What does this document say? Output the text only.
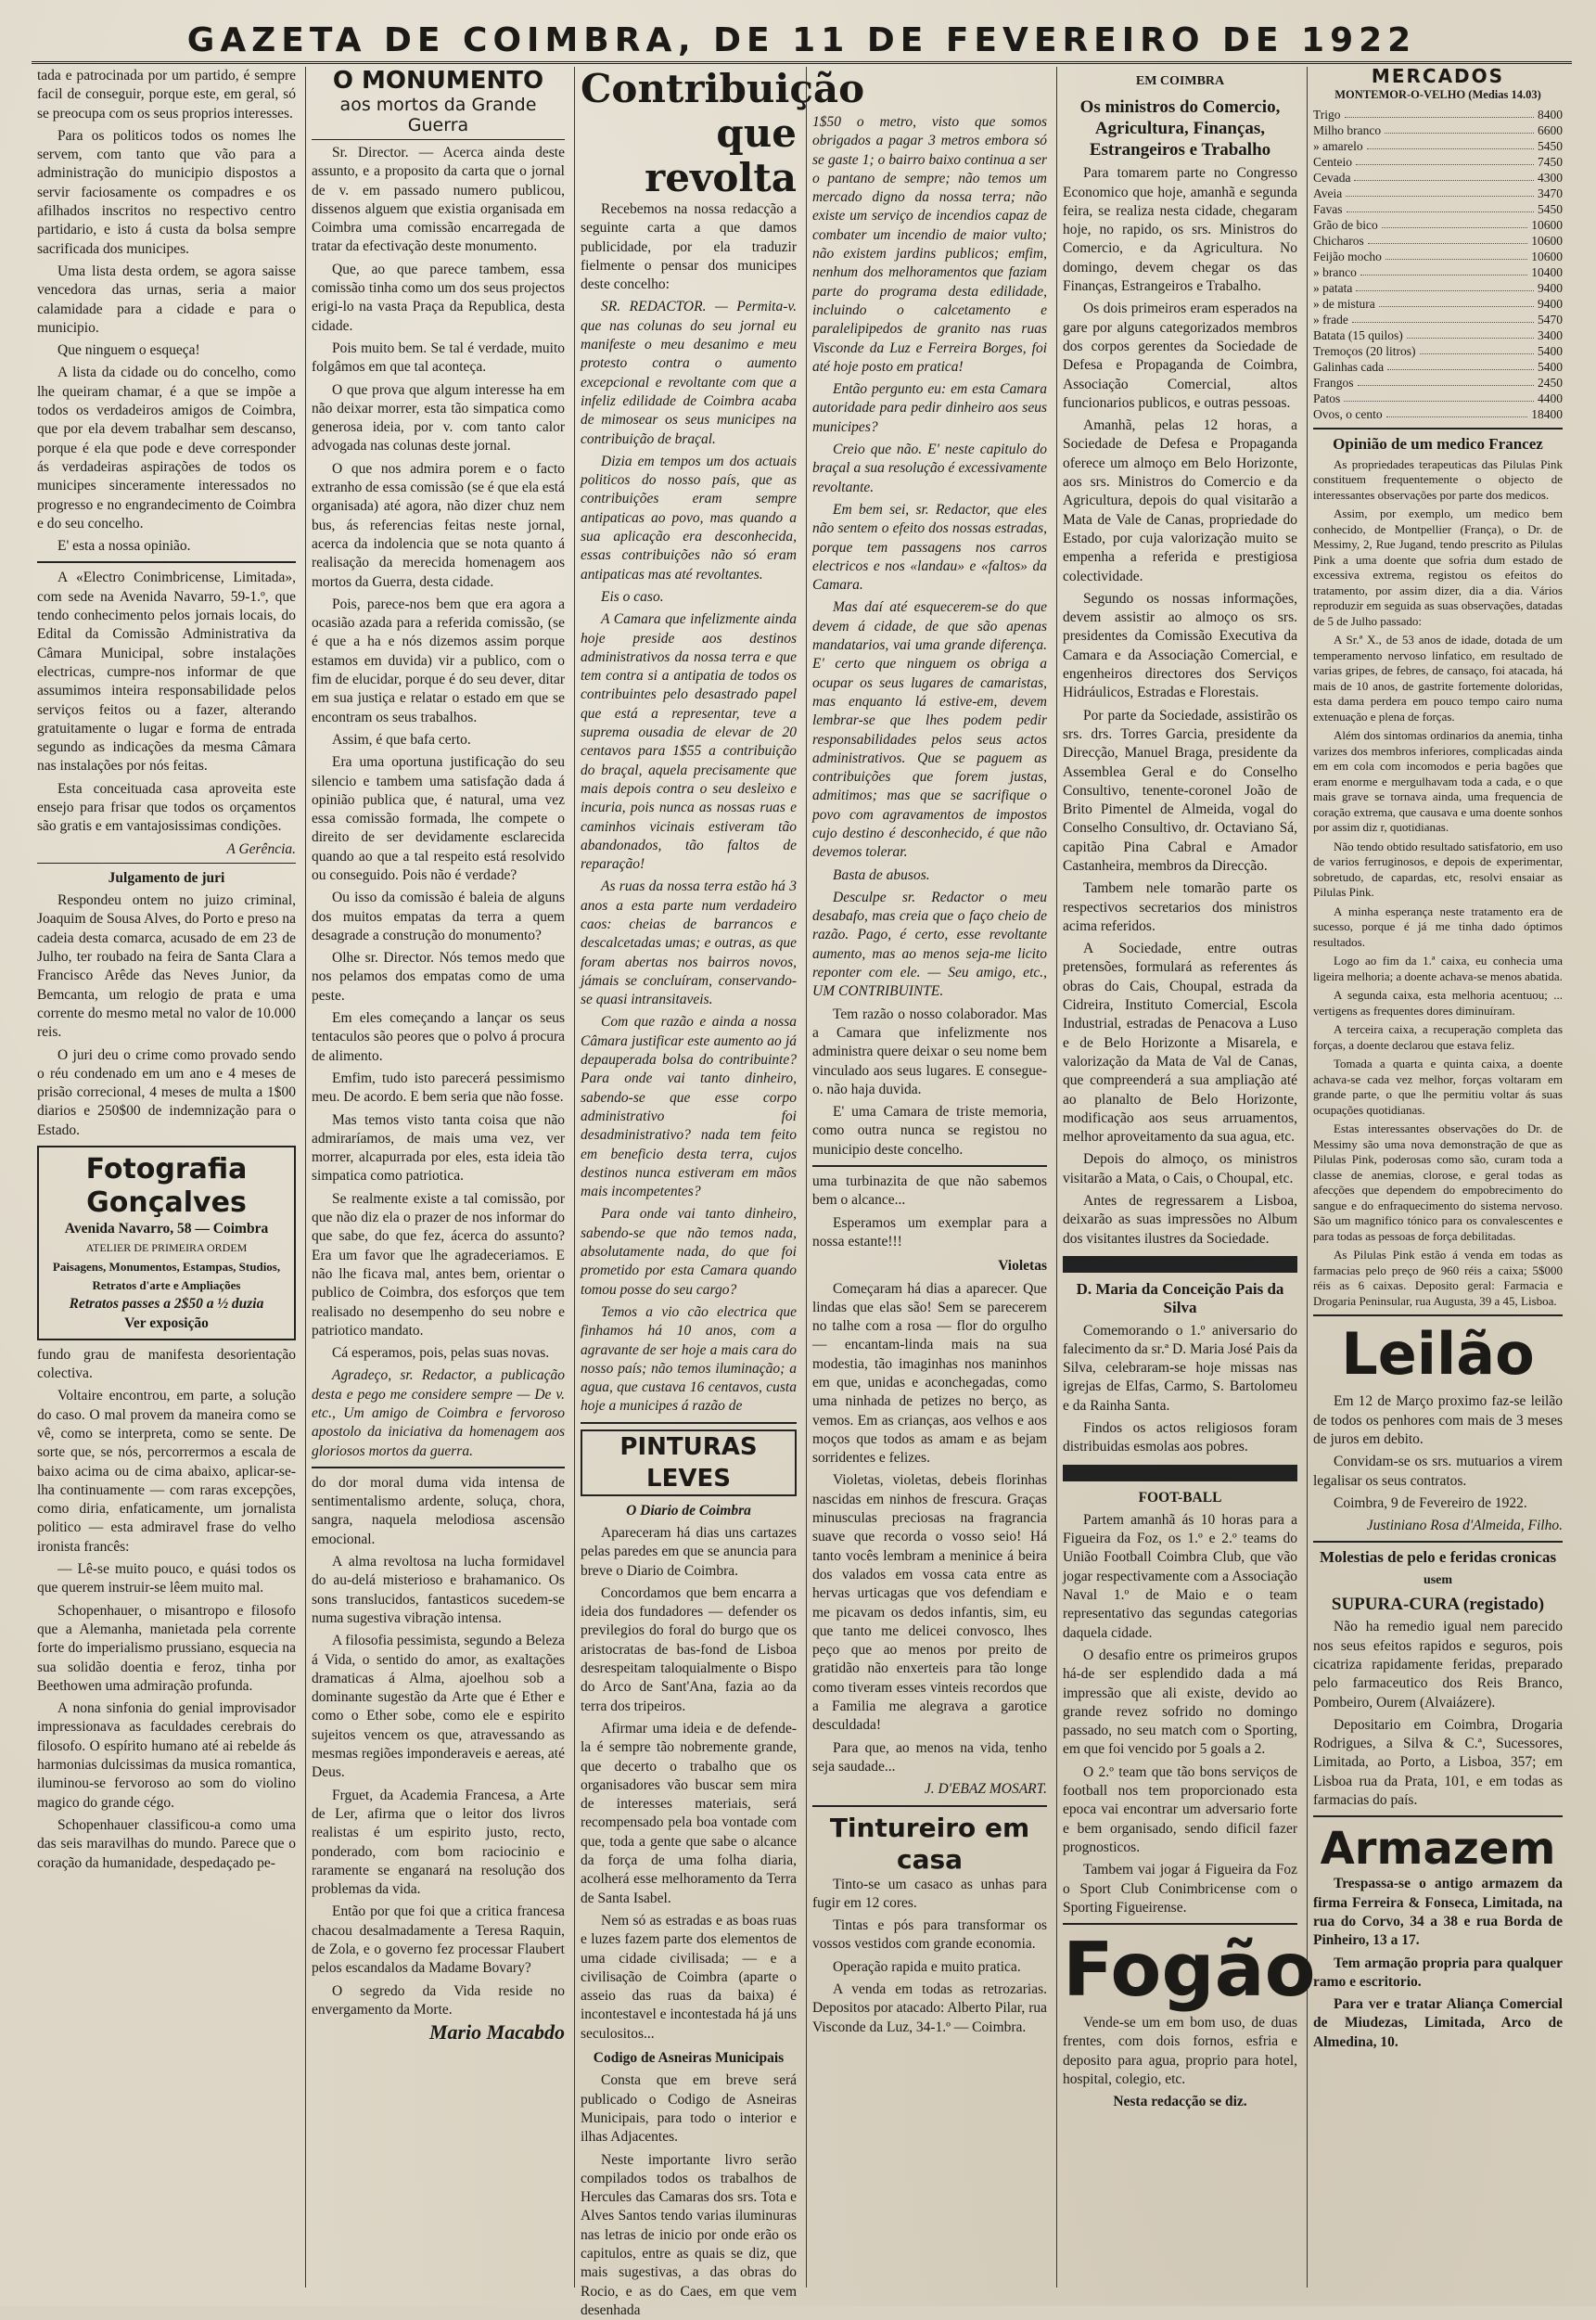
GAZETA DE COIMBRA, DE 11 DE FEVEREIRO DE 1922

tada e patrocinada por um partido, é sempre facil de conseguir, porque este, em geral, só se preocupa com os seus proprios interesses.

Para os politicos todos os nomes lhe servem, com tanto que vão para a administração do municipio dispostos a servir faciosamente os compadres e os afilhados inscritos no respectivo centro partidario, e isto á custa da bolsa sempre sacrificada dos municipes.

Uma lista desta ordem, se agora saisse vencedora das urnas, seria a maior calamidade para a cidade e para o municipio.

Que ninguem o esqueça!

A lista da cidade ou do concelho, como lhe queiram chamar, é a que se impõe a todos os verdadeiros amigos de Coimbra, que por ela devem trabalhar sem descanso, porque é ela que pode e deve corresponder ás verdadeiras aspirações de todos os municipes sinceramente interessados no progresso e no engrandecimento de Coimbra e do seu concelho.

E' esta a nossa opinião.

A «Electro Conimbricense, Limitada», com sede na Avenida Navarro, 59-1.º, que tendo conhecimento pelos jornais locais, do Edital da Comissão Administrativa da Câmara Municipal, sobre instalações electricas, cumpre-nos informar de que assumimos inteira responsabilidade pelos serviços feitos ou a fazer, alterando gratuitamente o lugar e forma de entrada segundo as indicações da mesma Câmara nas instalações por nós feitas.

Esta conceituada casa aproveita este ensejo para frisar que todos os orçamentos são gratis e em vantajosissimas condições.

A Gerência.
Julgamento de juri

Respondeu ontem no juizo criminal, Joaquim de Sousa Alves, do Porto e preso na cadeia desta comarca, acusado de em 23 de Julho, ter roubado na feira de Santa Clara a Francisco Arêde das Neves Junior, da Bemcanta, um relogio de prata e uma corrente do mesmo metal no valor de 10.000 reis.

O juri deu o crime como provado sendo o réu condenado em um ano e 4 meses de prisão correcional, 4 meses de multa a 1$00 diarios e 250$00 de indemnização para o Estado.

Fotografia Gonçalves
Avenida Navarro, 58 — Coimbra
ATELIER DE PRIMEIRA ORDEM
Paisagens, Monumentos, Estampas, Studios, Retratos d'arte e Ampliações
Retratos passes a 2$50 a ½ duzia
Ver exposição

fundo grau de manifesta desorientação colectiva.

Voltaire encontrou, em parte, a solução do caso. O mal provem da maneira como se vê, como se interpreta, como se sente. De sorte que, se nós, percorrermos a escala de baixo acima ou de cima abaixo, aplicar-se-lha continuamente — com raras excepções, como diria, enfaticamente, um jornalista politico — esta admiravel frase do velho ironista francês:

— Lê-se muito pouco, e quási todos os que querem instruir-se lêem muito mal.

Schopenhauer, o misantropo e filosofo que a Alemanha, manietada pela corrente forte do imperialismo prussiano, esquecia na sua solidão doentia e feroz, tinha por Beethowen uma admiração profunda.

A nona sinfonia do genial improvisador impressionava as faculdades cerebrais do filosofo. O espírito humano até ai rebelde ás harmonias dulcissimas da musica romantica, iluminou-se fervoroso ao som do violino magico do grande cégo.

Schopenhauer classificou-a como uma das seis maravilhas do mundo. Parece que o coração da humanidade, despedaçado pe-

O MONUMENTO
aos mortos da Grande Guerra

Sr. Director. — Acerca ainda deste assunto, e a proposito da carta que o jornal de v. em passado numero publicou, dissenos alguem que existia organisada em Coimbra uma comissão encarregada de tratar da efectivação deste monumento.

Que, ao que parece tambem, essa comissão tinha como um dos seus projectos erigi-lo na vasta Praça da Republica, desta cidade.

Pois muito bem. Se tal é verdade, muito folgâmos em que tal aconteça.

O que prova que algum interesse ha em não deixar morrer, esta tão simpatica como generosa ideia, por v. com tanto calor advogada nas colunas deste jornal.

O que nos admira porem e o facto extranho de essa comissão (se é que ela está organisada) até agora, não dizer chuz nem bus, ás referencias feitas neste jornal, acerca da indolencia que se nota quanto á realisação da merecida homenagem aos mortos da Guerra, desta cidade.

Pois, parece-nos bem que era agora a ocasião azada para a referida comissão, (se é que a ha e nós dizemos assim porque estamos em duvida) vir a publico, com o fim de elucidar, porque é do seu dever, ditar em sua justiça e relatar o estado em que se encontram os seus trabalhos.

Assim, é que bafa certo.

Era uma oportuna justificação do seu silencio e tambem uma satisfação dada á opinião publica que, é natural, uma vez essa comissão formada, lhe compete o direito de ser devidamente esclarecida quando ao que a tal respeito está resolvido ou conseguido. Pois não é verdade?

Ou isso da comissão é baleia de alguns dos muitos empatas da terra a quem desagrade a construção do monumento?

Olhe sr. Director. Nós temos medo que nos pelamos dos empatas como de uma peste.

Em eles começando a lançar os seus tentaculos são peores que o polvo á procura de alimento.

Emfim, tudo isto parecerá pessimismo meu. De acordo. E bem seria que não fosse.

Mas temos visto tanta coisa que não admiraríamos, de mais uma vez, ver morrer, alcapurrada por eles, esta ideia tão simpatica como patriotica.

Se realmente existe a tal comissão, por que não diz ela o prazer de nos informar do que sabe, do que fez, ácerca do assunto? Era um favor que lhe agradeceriamos. E não lhe ficava mal, antes bem, orientar o publico de Coimbra, dos esforços que tem realisado no desempenho do seu nobre e patriotico mandato.

Cá esperamos, pois, pelas suas novas.

Agradeço, sr. Redactor, a publicação desta e pego me considere sempre — De v. etc., Um amigo de Coimbra e fervoroso apostolo da iniciativa da homenagem aos gloriosos mortos da guerra.

do dor moral duma vida intensa de sentimentalismo ardente, soluça, chora, sangra, naquela melodiosa ascensão emocional.

A alma revoltosa na lucha formidavel do au-delá misterioso e brahamanico. Os sons translucidos, fantasticos sucedem-se numa sugestiva vibração intensa.

A filosofia pessimista, segundo a Beleza á Vida, o sentido do amor, as exaltações dramaticas á Alma, ajoelhou sob a dominante sugestão da Arte que é Ether e como o Ether sobe, como ele e espirito sujeitos vencem os que, atravessando as mesmas regiões imponderaveis e aereas, até Deus.

Frguet, da Academia Francesa, a Arte de Ler, afirma que o leitor dos livros realistas é um espirito justo, recto, ponderado, com bom raciocinio e raramente se enganará na resolução dos problemas da vida.

Então por que foi que a critica francesa chacou desalmadamente a Teresa Raquin, de Zola, e o governo fez processar Flaubert pelos escandalos da Madame Bovary?

O segredo da Vida reside no envergamento da Morte.

Mario Macabdo
Contribuição
que revolta

Recebemos na nossa redacção a seguinte carta a que damos publicidade, por ela traduzir fielmente o pensar dos municipes deste concelho:

SR. REDACTOR. — Permita-v. que nas colunas do seu jornal eu manifeste o meu desanimo e meu protesto contra o aumento excepcional e revoltante com que a infeliz edilidade de Coimbra acaba de mimosear os seus municipes na contribuição de braçal.

Dizia em tempos um dos actuais politicos do nosso país, que as contribuições eram sempre antipaticas ao povo, mas quando a sua aplicação era desconhecida, essas contribuições não só eram antipaticas mas até revoltantes.

Eis o caso.

A Camara que infelizmente ainda hoje preside aos destinos administrativos da nossa terra e que tem contra si a antipatia de todos os contribuintes pelo desastrado papel que está a representar, teve a suprema ousadia de elevar de 20 centavos para 1$55 a contribuição do braçal, aquela precisamente que mais depois contra o seu desleixo e incuria, pois nunca as nossas ruas e caminhos vicinais estiveram tão abandonados, tão faltos de reparação!

As ruas da nossa terra estão há 3 anos a esta parte num verdadeiro caos: cheias de barrancos e descalcetadas umas; e outras, as que foram abertas nos bairros novos, jámais se concluíram, conservando-se quasi intransitaveis.

Com que razão e ainda a nossa Câmara justificar este aumento ao já depauperada bolsa do contribuinte? Para onde vai tanto dinheiro, sabendo-se que esse corpo administrativo foi desadministrativo? nada tem feito em beneficio desta terra, cujos destinos nunca estiveram em mãos mais incompetentes?

Para onde vai tanto dinheiro, sabendo-se que não temos nada, absolutamente nada, do que foi prometido por esta Camara quando tomou posse do seu cargo?

Temos a vio cão electrica que finhamos há 10 anos, com a agravante de ser hoje a mais cara do nosso país; não temos iluminação; a agua, que custava 16 centavos, custa hoje a municipes á razão de

PINTURAS LEVES
O Diario de Coimbra

Apareceram há dias uns cartazes pelas paredes em que se anuncia para breve o Diario de Coimbra.

Concordamos que bem encarra a ideia dos fundadores — defender os previlegios do foral do burgo que os aristocratas de bas-fond de Lisboa desrespeitam taloquialmente o Bispo do Arco de Sant'Ana, fazia ao da terra dos tripeiros.

Afirmar uma ideia e de defende-la é sempre tão nobremente grande, que decerto o trabalho que os organisadores vão buscar sem mira de interesses materiais, será recompensado pela boa vontade com que, toda a gente que sabe o alcance da força de uma folha diaria, acolherá esse melhoramento da Terra de Santa Isabel.

Nem só as estradas e as boas ruas e luzes fazem parte dos elementos de uma cidade civilisada; — e a civilisação de Coimbra (aparte o asseio das ruas da baixa) é incontestavel e incontestada há já uns seculositos...

Codigo de Asneiras Municipais

Consta que em breve será publicado o Codigo de Asneiras Municipais, para todo o interior e ilhas Adjacentes.

Neste importante livro serão compilados todos os trabalhos de Hercules das Camaras dos srs. Tota e Alves Santos tendo varias iluminuras nas letras de inicio por onde erão os capitulos, entre as quais se diz, que mais sugestivas, a das obras do Rocio, e as do Caes, em que vem desenhada

1$50 o metro, visto que somos obrigados a pagar 3 metros embora só se gaste 1; o bairro baixo continua a ser o pantano de sempre; não temos um mercado digno da nossa terra; não existe um serviço de incendios capaz de combater um incendio de maior vulto; não existem jardins publicos; emfim, nenhum dos melhoramentos que faziam parte do programa desta edilidade, incluindo o calcetamento e paralelipipedos de granito nas ruas Visconde da Luz e Ferreira Borges, foi até hoje posto em pratica!

Então pergunto eu: em esta Camara autoridade para pedir dinheiro aos seus municipes?

Creio que não. E' neste capitulo do braçal a sua resolução é excessivamente revoltante.

Em bem sei, sr. Redactor, que eles não sentem o efeito dos nossas estradas, porque tem passagens nos carros electricos e nos «landau» e «faltos» da Camara.

Mas daí até esquecerem-se do que devem á cidade, de que são apenas mandatarios, vai uma grande diferença. E' certo que ninguem os obriga a ocupar os seus lugares de camaristas, mas enquanto lá estive-em, devem lembrar-se que lhes podem pedir responsabilidades pelos seus actos administrativos. Que se paguem as contribuições que forem justas, admitimos; mas que se sacrifique o povo com agravamentos de impostos cujo destino é desconhecido, é que não devemos tolerar.

Basta de abusos.

Desculpe sr. Redactor o meu desabafo, mas creia que o faço cheio de razão. Pago, é certo, esse revoltante aumento, mas ao menos seja-me licito reponter com ele. — Seu amigo, etc., UM CONTRIBUINTE.

Tem razão o nosso colaborador. Mas a Camara que infelizmente nos administra quere deixar o seu nome bem vinculado aos seus lugares. E consegue-o. não haja duvida.

E' uma Camara de triste memoria, como outra nunca se registou no municipio deste concelho.

uma turbinazita de que não sabemos bem o alcance...

Esperamos um exemplar para a nossa estante!!!

Violetas

Começaram há dias a aparecer. Que lindas que elas são! Sem se parecerem no talhe com a rosa — flor do orgulho — encantam-linda mais na sua modestia, tão imaginhas nos maninhos em que, unidas e aconchegadas, como uma ninhada de petizes no berço, as vemos. Em as crianças, aos velhos e aos moços que todos as amam e as bejam sorridentes e felizes.

Violetas, violetas, debeis florinhas nascidas em ninhos de frescura. Graças minusculas preciosas na fragrancia suave que recorda o vosso seio! Há tanto vocês lembram a meninice á beira dos valados em vossa cata entre as hervas urticagas que vos defendiam e me picavam os dedos infantis, sim, eu que tanto me delicei convosco, lhes peço que ao menos por preito de gratidão não enxerteis para tão longe como tiveram esses vinteis recordos que a Familia me alegrava a garotice desculdada!

Para que, ao menos na vida, tenho seja saudade...

J. D'EBAZ MOSART.
Tintureiro em casa

Tinto-se um casaco as unhas para fugir em 12 cores.

Tintas e pós para transformar os vossos vestidos com grande economia.

Operação rapida e muito pratica.

A venda em todas as retrozarias. Depositos por atacado: Alberto Pilar, rua Visconde da Luz, 34-1.º — Coimbra.

EM COIMBRA
Os ministros do Comercio, Agricultura, Finanças, Estrangeiros e Trabalho

Para tomarem parte no Congresso Economico que hoje, amanhã e segunda feira, se realiza nesta cidade, chegaram hoje, no rapido, os srs. Ministros do Comercio, e da Agricultura. No domingo, devem chegar os das Finanças, Estrangeiros e Trabalho.

Os dois primeiros eram esperados na gare por alguns categorizados membros dos corpos gerentes da Sociedade de Defesa e Propaganda de Coimbra, Associação Comercial, altos funcionarios publicos, e outras pessoas.

Amanhã, pelas 12 horas, a Sociedade de Defesa e Propaganda oferece um almoço em Belo Horizonte, aos srs. Ministros do Comercio e da Agricultura, depois do qual visitarão a Mata de Vale de Canas, propriedade do Estado, por cuja valorização muito se empenha a referida e prestigiosa colectividade.

Segundo os nossas informações, devem assistir ao almoço os srs. presidentes da Comissão Executiva da Camara e da Associação Comercial, e engenheiros directores dos Serviços Hidráulicos, Estradas e Florestais.

Por parte da Sociedade, assistirão os srs. drs. Torres Garcia, presidente da Direcção, Manuel Braga, presidente da Assemblea Geral e do Conselho Consultivo, tenente-coronel João de Brito Pimentel de Almeida, vogal do Conselho Consultivo, dr. Octaviano Sá, capitão Pina Cabral e Amador Castanheira, membros da Direcção.

Tambem nele tomarão parte os respectivos secretarios dos ministros acima referidos.

A Sociedade, entre outras pretensões, formulará as referentes ás obras do Cais, Choupal, estrada da Cidreira, Instituto Comercial, Escola Industrial, estradas de Penacova a Luso e de Belo Horizonte a Misarela, e valorização da Mata de Val de Canas, que compreenderá a sua ampliação até ao planalto de Belo Horizonte, modificação aos seus arruamentos, melhor aproveitamento da sua agua, etc.

Depois do almoço, os ministros visitarão a Mata, o Cais, o Choupal, etc.

Antes de regressarem a Lisboa, deixarão as suas impressões no Album dos visitantes ilustres da Sociedade.

D. Maria da Conceição Pais da Silva

Comemorando o 1.º aniversario do falecimento da sr.ª D. Maria José Pais da Silva, celebraram-se hoje missas nas igrejas de Elfas, Carmo, S. Bartolomeu e da Rainha Santa.

Findos os actos religiosos foram distribuidas esmolas aos pobres.

FOOT-BALL

Partem amanhã ás 10 horas para a Figueira da Foz, os 1.º e 2.º teams do União Football Coimbra Club, que vão jogar respectivamente com a Associação Naval 1.º de Maio e o team representativo das segundas categorias daquela cidade.

O desafio entre os primeiros grupos há-de ser esplendido dada a má impressão que ali existe, devido ao grande revez sofrido no domingo passado, no seu match com o Sporting, em que foi vencido por 5 goals a 2.

O 2.º team que tão bons serviços de football nos tem proporcionado esta epoca vai encontrar um adversario forte e bem organisado, sendo dificil fazer prognosticos.

Tambem vai jogar á Figueira da Foz o Sport Club Conimbricense com o Sporting Figueirense.

Fogão

Vende-se um em bom uso, de duas frentes, com dois fornos, esfria e deposito para agua, proprio para hotel, hospital, colegio, etc.

Nesta redacção se diz.

MERCADOS
MONTEMOR-O-VELHO (Medias 14.03)
Trigo	8400
Milho branco	6600
» amarelo	5450
Centeio	7450
Cevada	4300
Aveia	3470
Favas	5450
Grão de bico	10600
Chicharos	10600
Feijão mocho	10600
» branco	10400
» patata	9400
» de mistura	9400
» frade	5470
Batata (15 quilos)	3400
Tremoços (20 litros)	5400
Galinhas cada	5400
Frangos	2450
Patos	4400
Ovos, o cento	18400
Opinião de um medico Francez

As propriedades terapeuticas das Pilulas Pink constituem frequentemente o objecto de interessantes observações por parte dos medicos.

Assim, por exemplo, um medico bem conhecido, de Montpellier (França), o Dr. de Messimy, 2, Rue Jugand, tendo prescrito as Pilulas Pink a uma doente que sofria dum estado de excessiva extrema, registou os efeitos do tratamento, por assim dizer, dia a dia. Vários reproduzir em seguida as suas observações, datadas de 5 de Julho passado:

A Sr.ª X., de 53 anos de idade, dotada de um temperamento nervoso linfatico, em resultado de varias gripes, de febres, de cansaço, foi atacada, há mais de 10 anos, de gastrite fortemente doloridas, esta dama perdera em pouco tempo cairo numa extenuação e plena de forças.

Além dos sintomas ordinarios da anemia, tinha varizes dos membros inferiores, complicadas ainda em em cola com incomodos e peria bagões que eram enorme e mergulhavam toda a cada, e o que mais grave se tornava ainda, uma frequencia de coração extrema, que causava e uma doente sonhos por assim diz r, quotidianas.

Não tendo obtido resultado satisfatorio, em uso de varios ferruginosos, e depois de experimentar, sobretudo, de capardas, etc, resolvi ensaiar as Pilulas Pink.

A minha esperança neste tratamento era de sucesso, porque é já me tinha dado óptimos resultados.

Logo ao fim da 1.ª caixa, eu conhecia uma ligeira melhoria; a doente achava-se menos abatida.

A segunda caixa, esta melhoria acentuou; ... vertigens as frequentes dores diminuíram.

A terceira caixa, a recuperação completa das forças, a doente declarou que estava feliz.

Tomada a quarta e quinta caixa, a doente achava-se cada vez melhor, forças voltaram em grande parte, o que lhe permitiu voltar ás suas ocupações quotidianas.

Estas interessantes observações do Dr. de Messimy são uma nova demonstração de que as Pilulas Pink, poderosas como são, curam toda a classe de anemias, clorose, e geral todas as afecções que dependem do empobrecimento do sangue e do enfraquecimento do sistema nervoso. São um magnifico tónico para os convalescentes e para todas as pessoas de força debilitadas.

As Pilulas Pink estão á venda em todas as farmacias pelo preço de 960 réis a caixa; 5$000 réis as 6 caixas. Deposito geral: Farmacia e Drogaria Peninsular, rua Augusta, 39 a 45, Lisboa.

Leilão

Em 12 de Março proximo faz-se leilão de todos os penhores com mais de 3 meses de juros em debito.

Convidam-se os srs. mutuarios a virem legalisar os seus contratos.

Coimbra, 9 de Fevereiro de 1922.

Justiniano Rosa d'Almeida, Filho.
Molestias de pelo e feridas cronicas
usem
SUPURA-CURA (registado)

Não ha remedio igual nem parecido nos seus efeitos rapidos e seguros, pois cicatriza rapidamente feridas, preparado pelo farmaceutico dos Reis Branco, Pombeiro, Ourem (Alvaiázere).

Depositario em Coimbra, Drogaria Rodrigues, a Silva & C.ª, Sucessores, Limitada, ao Porto, a Lisboa, 357; em Lisboa rua da Prata, 101, e em todas as farmacias do país.

Armazem

Trespassa-se o antigo armazem da firma Ferreira & Fonseca, Limitada, na rua do Corvo, 34 a 38 e rua Borda de Pinheiro, 13 a 17.

Tem armação propria para qualquer ramo e escritorio.

Para ver e tratar Aliança Comercial de Miudezas, Limitada, Arco de Almedina, 10.
